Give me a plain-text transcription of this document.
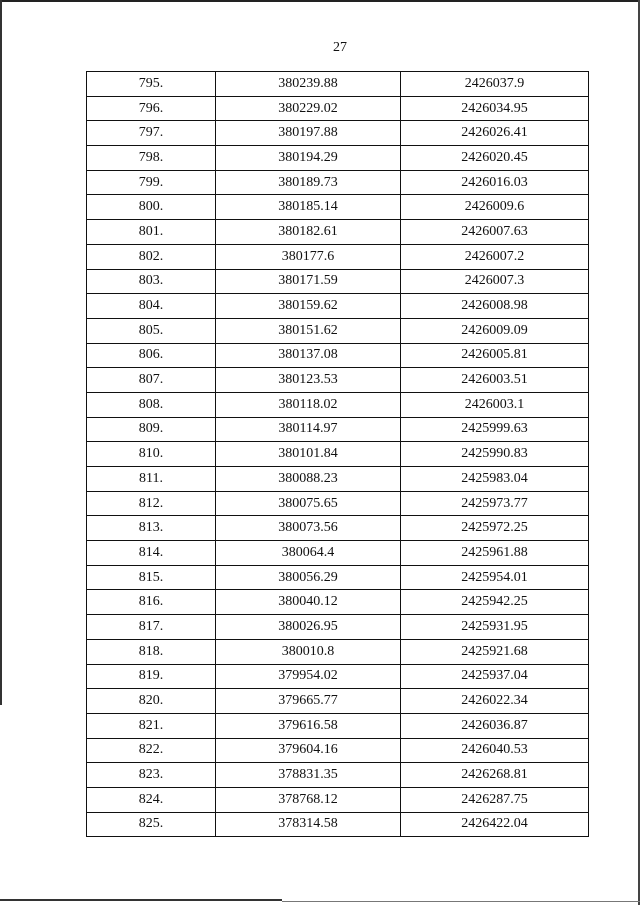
27
795.	380239.88	2426037.9
796.	380229.02	2426034.95
797.	380197.88	2426026.41
798.	380194.29	2426020.45
799.	380189.73	2426016.03
800.	380185.14	2426009.6
801.	380182.61	2426007.63
802.	380177.6	2426007.2
803.	380171.59	2426007.3
804.	380159.62	2426008.98
805.	380151.62	2426009.09
806.	380137.08	2426005.81
807.	380123.53	2426003.51
808.	380118.02	2426003.1
809.	380114.97	2425999.63
810.	380101.84	2425990.83
811.	380088.23	2425983.04
812.	380075.65	2425973.77
813.	380073.56	2425972.25
814.	380064.4	2425961.88
815.	380056.29	2425954.01
816.	380040.12	2425942.25
817.	380026.95	2425931.95
818.	380010.8	2425921.68
819.	379954.02	2425937.04
820.	379665.77	2426022.34
821.	379616.58	2426036.87
822.	379604.16	2426040.53
823.	378831.35	2426268.81
824.	378768.12	2426287.75
825.	378314.58	2426422.04
